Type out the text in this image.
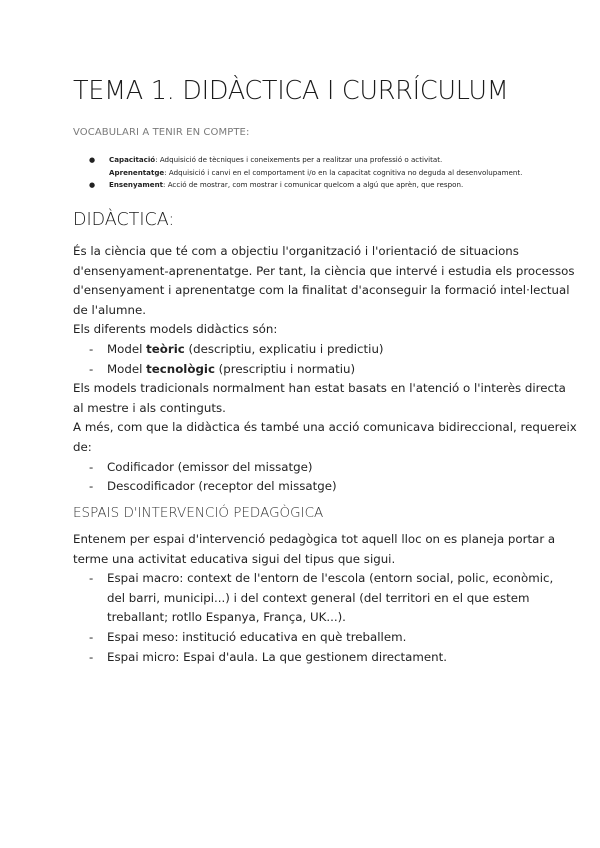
TEMA 1. DIDÀCTICA I CURRÍCULUM
VOCABULARI A TENIR EN COMPTE:
● Capacitació: Adquisició de tècniques i coneixements per a realitzar una professió o activitat.
Aprenentatge: Adquisició i canvi en el comportament i/o en la capacitat cognitiva no deguda al desenvolupament.
● Ensenyament: Acció de mostrar, com mostrar i comunicar quelcom a algú que aprèn, que respon.
DIDÀCTICA:
És la ciència que té com a objectiu l'organització i l'orientació de situacions
d'ensenyament-aprenentatge. Per tant, la ciència que intervé i estudia els processos
d'ensenyament i aprenentatge com la finalitat d'aconseguir la formació intel·lectual
de l'alumne.
Els diferents models didàctics són:
- Model teòric (descriptiu, explicatiu i predictiu)
- Model tecnològic (prescriptiu i normatiu)
Els models tradicionals normalment han estat basats en l'atenció o l'interès directa
al mestre i als continguts.
A més, com que la didàctica és també una acció comunicava bidireccional, requereix
de:
- Codificador (emissor del missatge)
- Descodificador (receptor del missatge)
ESPAIS D'INTERVENCIÓ PEDAGÒGICA
Entenem per espai d'intervenció pedagògica tot aquell lloc on es planeja portar a
terme una activitat educativa sigui del tipus que sigui.
- Espai macro: context de l'entorn de l'escola (entorn social, polic, econòmic,
del barri, municipi...) i del context general (del territori en el que estem
treballant; rotllo Espanya, França, UK...).
- Espai meso: institució educativa en què treballem.
- Espai micro: Espai d'aula. La que gestionem directament.
